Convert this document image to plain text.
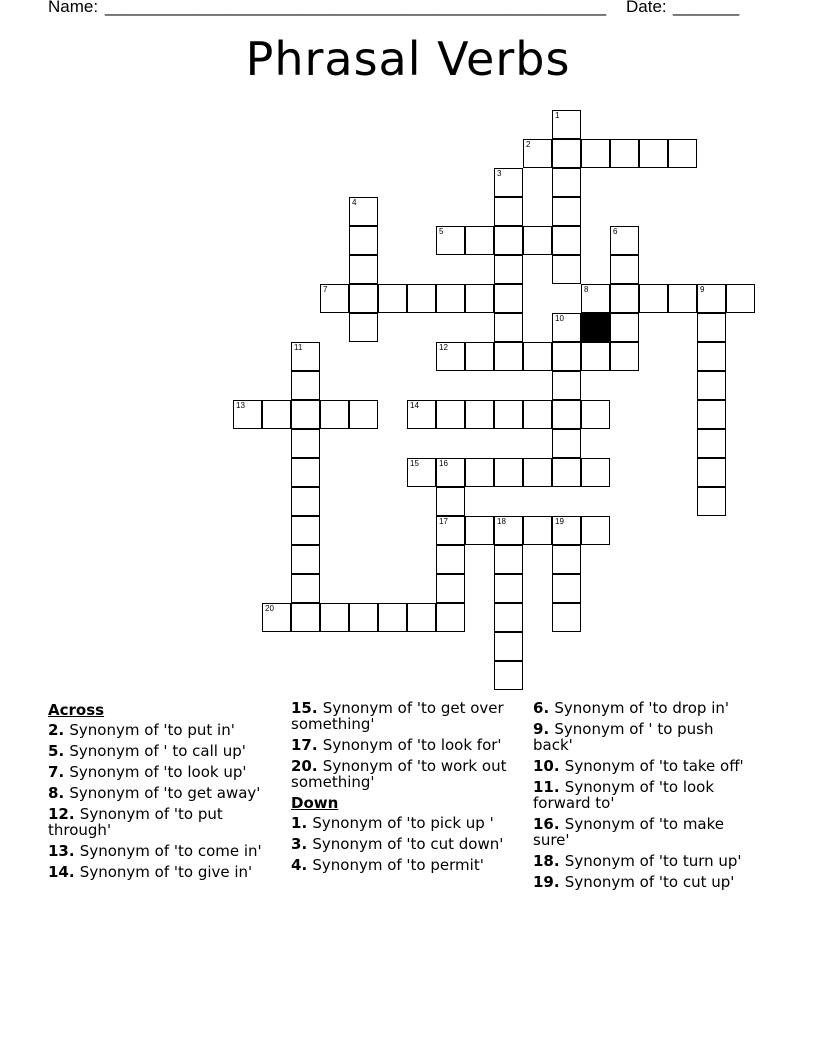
Name: _____________________________________________________ Date: _______
Phrasal Verbs
1
2
3
4
5	6
7	8	9
10
11	12
13	14
15	16
17	18	19
20
Across
2. Synonym of 'to put in'
5. Synonym of ' to call up'
7. Synonym of 'to look up'
8. Synonym of 'to get away'
12. Synonym of 'to put through'
13. Synonym of 'to come in'
14. Synonym of 'to give in'
15. Synonym of 'to get over something'
17. Synonym of 'to look for'
20. Synonym of 'to work out something'
Down
1. Synonym of 'to pick up '
3. Synonym of 'to cut down'
4. Synonym of 'to permit'
6. Synonym of 'to drop in'
9. Synonym of ' to push back'
10. Synonym of 'to take off'
11. Synonym of 'to look forward to'
16. Synonym of 'to make sure'
18. Synonym of 'to turn up'
19. Synonym of 'to cut up'
